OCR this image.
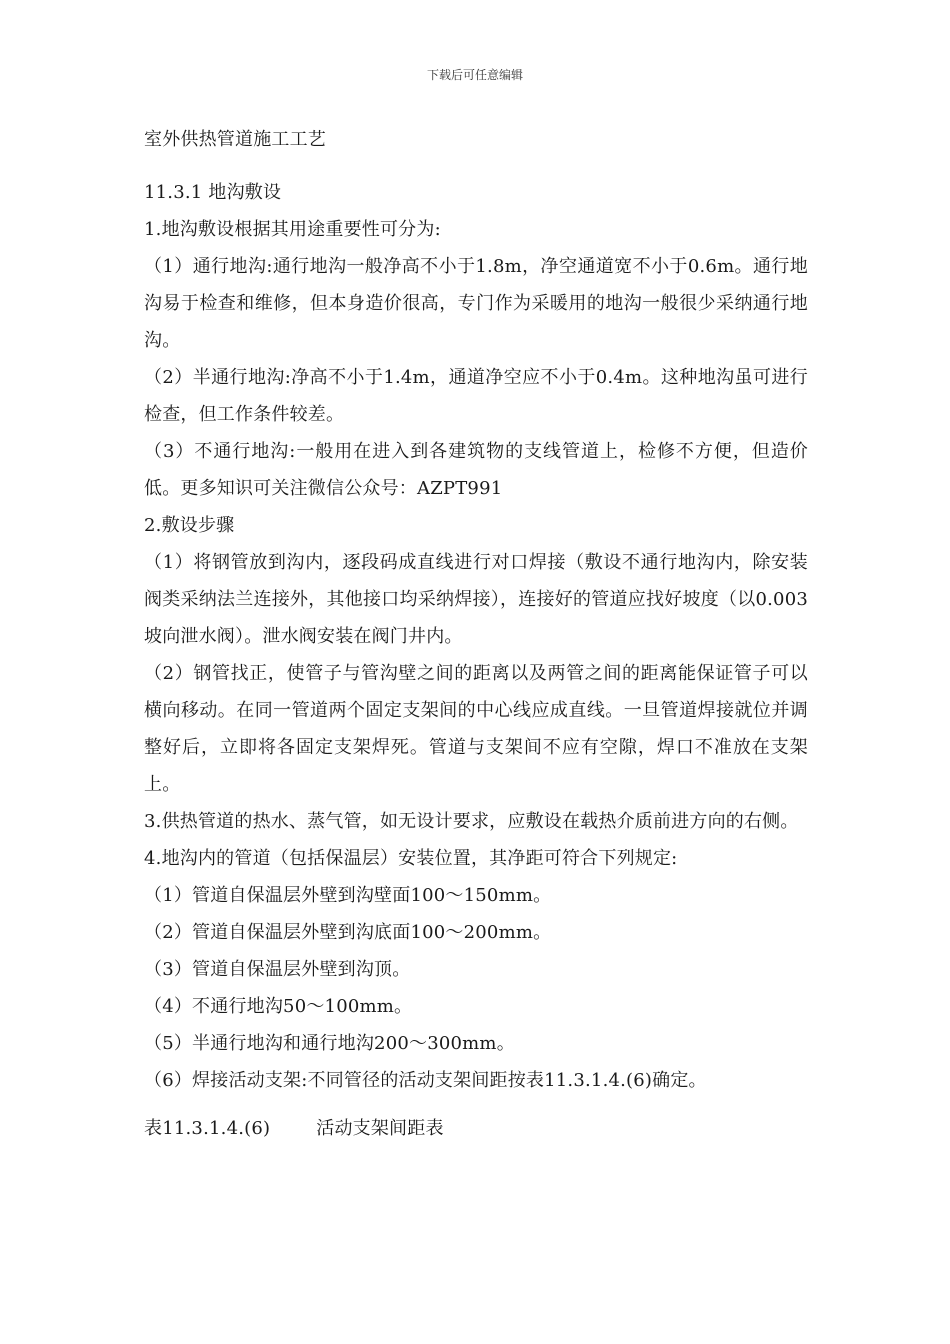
下载后可任意编辑

室外供热管道施工工艺

11.3.1 地沟敷设

1.地沟敷设根据其用途重要性可分为:

（1）通行地沟:通行地沟一般净高不小于1.8m，净空通道宽不小于0.6m。通行地沟易于检查和维修，但本身造价很高，专门作为采暖用的地沟一般很少采纳通行地沟。

（2）半通行地沟:净高不小于1.4m，通道净空应不小于0.4m。这种地沟虽可进行检查，但工作条件较差。

（3）不通行地沟:一般用在进入到各建筑物的支线管道上，检修不方便，但造价低。更多知识可关注微信公众号：AZPT991

2.敷设步骤

（1）将钢管放到沟内，逐段码成直线进行对口焊接（敷设不通行地沟内，除安装阀类采纳法兰连接外，其他接口均采纳焊接），连接好的管道应找好坡度（以0.003坡向泄水阀）。泄水阀安装在阀门井内。

（2）钢管找正，使管子与管沟壁之间的距离以及两管之间的距离能保证管子可以横向移动。在同一管道两个固定支架间的中心线应成直线。一旦管道焊接就位并调整好后，立即将各固定支架焊死。管道与支架间不应有空隙，焊口不准放在支架上。

3.供热管道的热水、蒸气管，如无设计要求，应敷设在载热介质前进方向的右侧。

4.地沟内的管道（包括保温层）安装位置，其净距可符合下列规定:

（1）管道自保温层外壁到沟壁面100～150mm。

（2）管道自保温层外壁到沟底面100～200mm。

（3）管道自保温层外壁到沟顶。

（4）不通行地沟50～100mm。

（5）半通行地沟和通行地沟200～300mm。

（6）焊接活动支架:不同管径的活动支架间距按表11.3.1.4.(6)确定。

表11.3.1.4.(6)	活动支架间距表
